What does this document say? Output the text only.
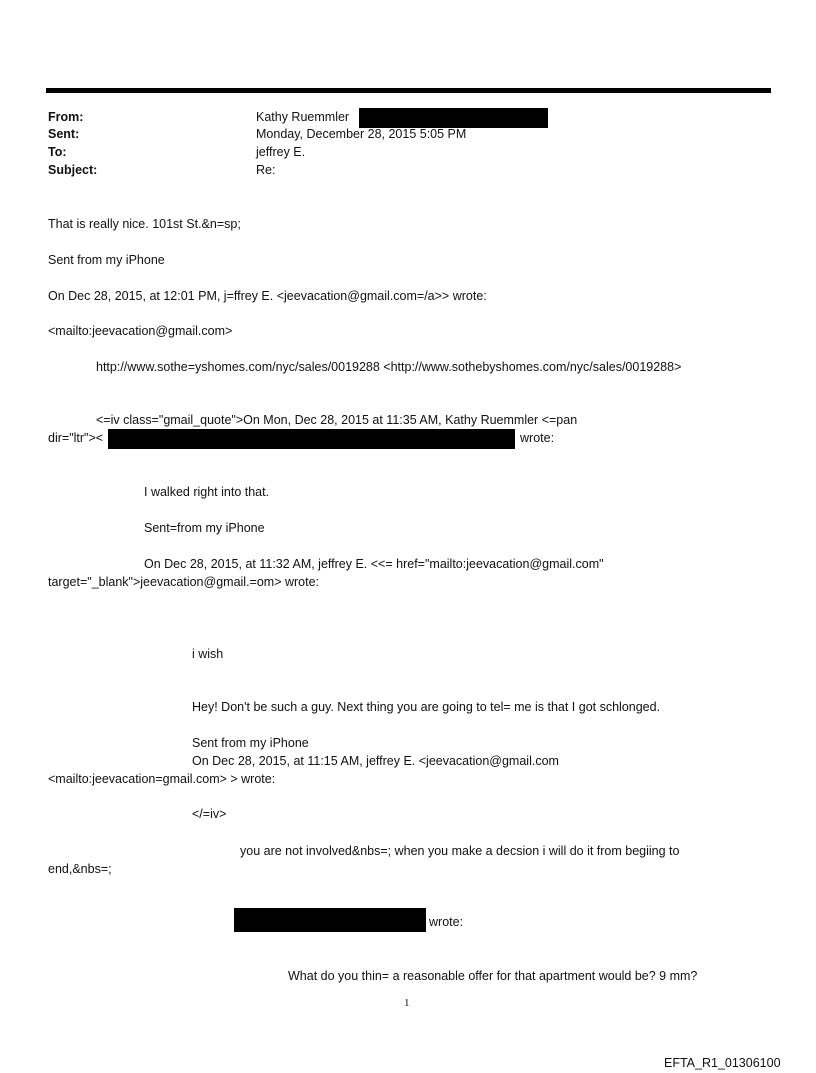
From:	Kathy Ruemmler
Sent:	Monday, December 28, 2015 5:05 PM
To:	jeffrey E.
Subject:	Re:
That is really nice. 101st St.&n=sp;
Sent from my iPhone
On Dec 28, 2015, at 12:01 PM, j=ffrey E. <jeevacation@gmail.com=/a>> wrote:
<mailto:jeevacation@gmail.com>
http://www.sothe=yshomes.com/nyc/sales/0019288 <http://www.sothebyshomes.com/nyc/sales/0019288>
<=iv class="gmail_quote">On Mon, Dec 28, 2015 at 11:35 AM, Kathy Ruemmler <=pan
dir="ltr"><	wrote:
I walked right into that.
Sent=from my iPhone
On Dec 28, 2015, at 11:32 AM, jeffrey E. <<= href="mailto:jeevacation@gmail.com"
target="_blank">jeevacation@gmail.=om> wrote:
i wish
Hey! Don't be such a guy. Next thing you are going to tel= me is that I got schlonged.
Sent from my iPhone
On Dec 28, 2015, at 11:15 AM, jeffrey E. <jeevacation@gmail.com
<mailto:jeevacation=gmail.com> > wrote:
</=iv>
you are not involved&nbs=; when you make a decsion i will do it from begiing to
end,&nbs=;
wrote:
What do you thin= a reasonable offer for that apartment would be? 9 mm?
1
EFTA_R1_01306100
